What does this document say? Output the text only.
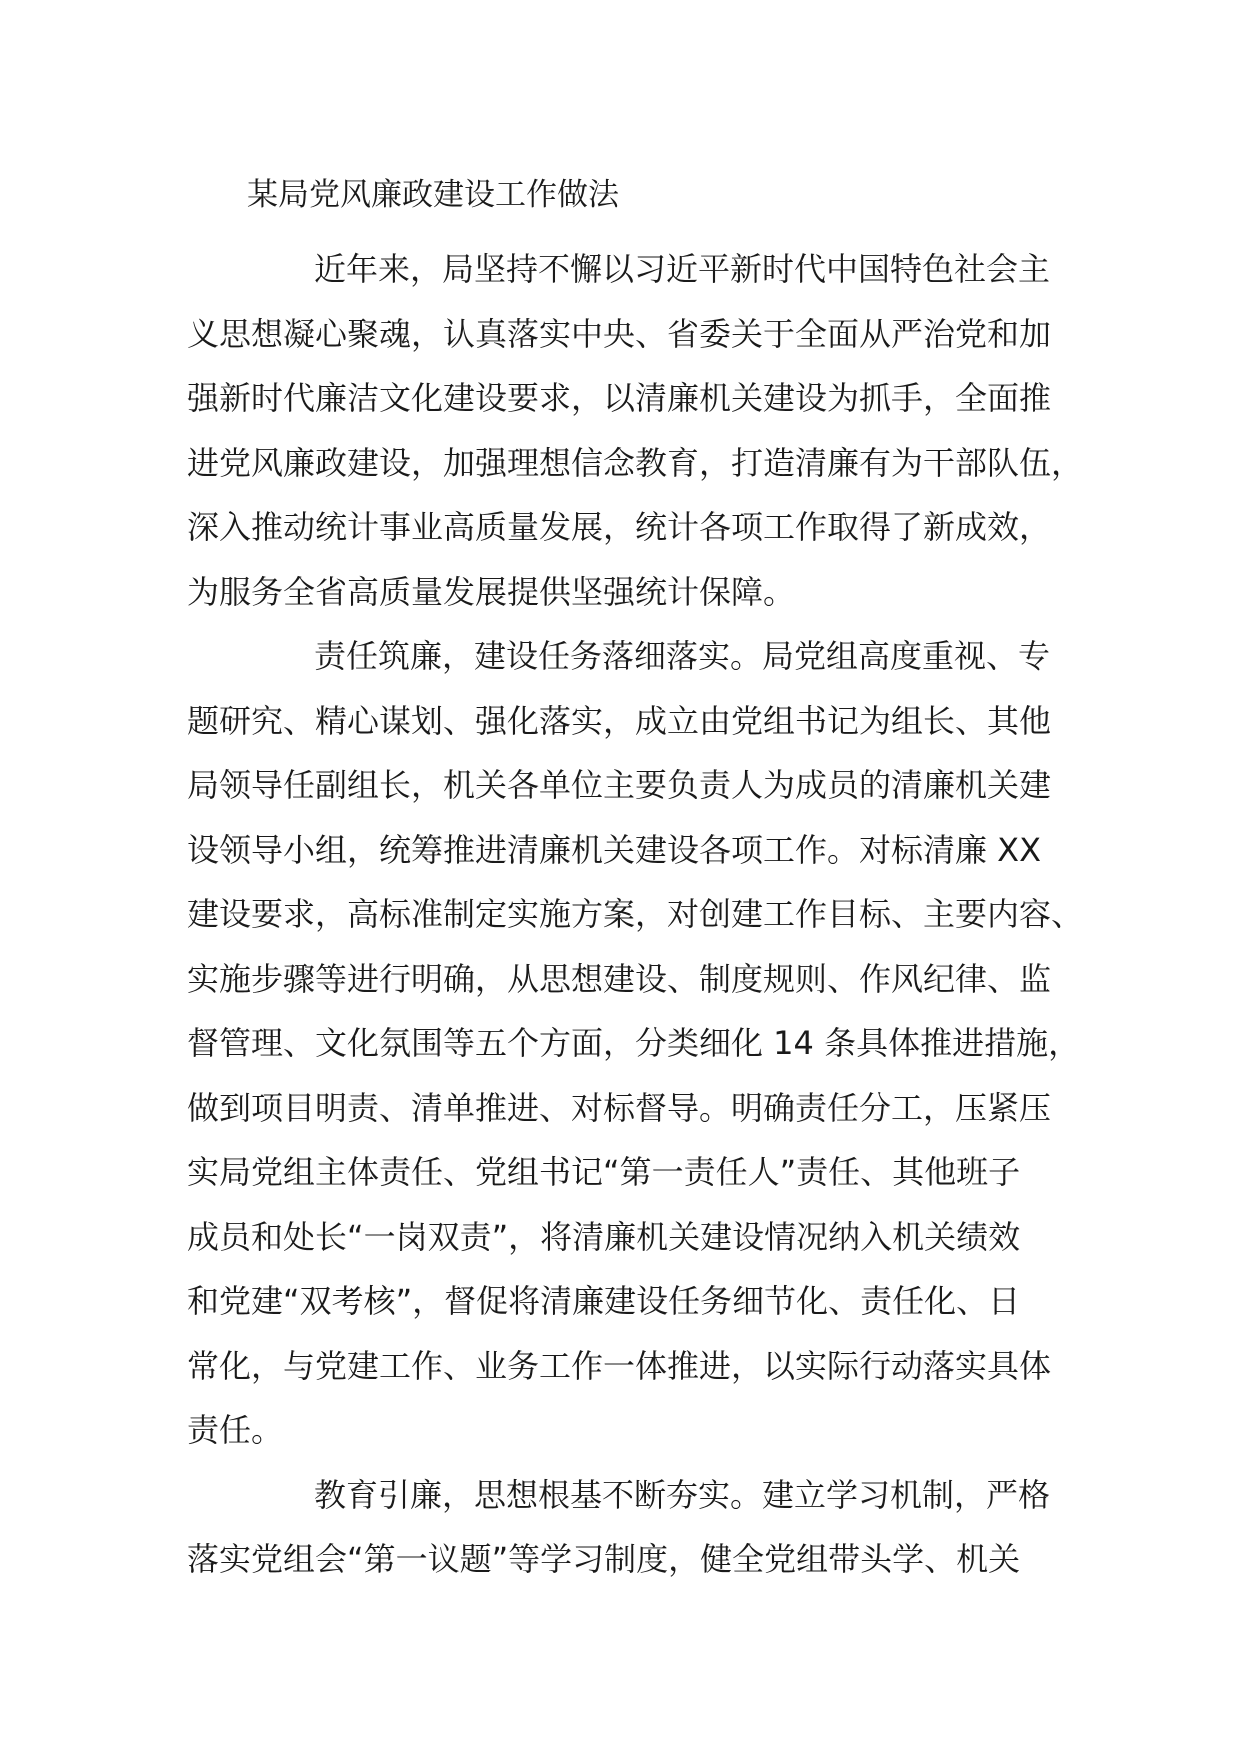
某局党风廉政建设工作做法
近年来，局坚持不懈以习近平新时代中国特色社会主
义思想凝心聚魂，认真落实中央、省委关于全面从严治党和加
强新时代廉洁文化建设要求，以清廉机关建设为抓手，全面推
进党风廉政建设，加强理想信念教育，打造清廉有为干部队伍，
深入推动统计事业高质量发展，统计各项工作取得了新成效，
为服务全省高质量发展提供坚强统计保障。
责任筑廉，建设任务落细落实。局党组高度重视、专
题研究、精心谋划、强化落实，成立由党组书记为组长、其他
局领导任副组长，机关各单位主要负责人为成员的清廉机关建
设领导小组，统筹推进清廉机关建设各项工作。对标清廉 XX
建设要求，高标准制定实施方案，对创建工作目标、主要内容、
实施步骤等进行明确，从思想建设、制度规则、作风纪律、监
督管理、文化氛围等五个方面，分类细化 14 条具体推进措施，
做到项目明责、清单推进、对标督导。明确责任分工，压紧压
实局党组主体责任、党组书记“第一责任人”责任、其他班子
成员和处长“一岗双责”，将清廉机关建设情况纳入机关绩效
和党建“双考核”，督促将清廉建设任务细节化、责任化、日
常化，与党建工作、业务工作一体推进，以实际行动落实具体
责任。
教育引廉，思想根基不断夯实。建立学习机制，严格
落实党组会“第一议题”等学习制度，健全党组带头学、机关
